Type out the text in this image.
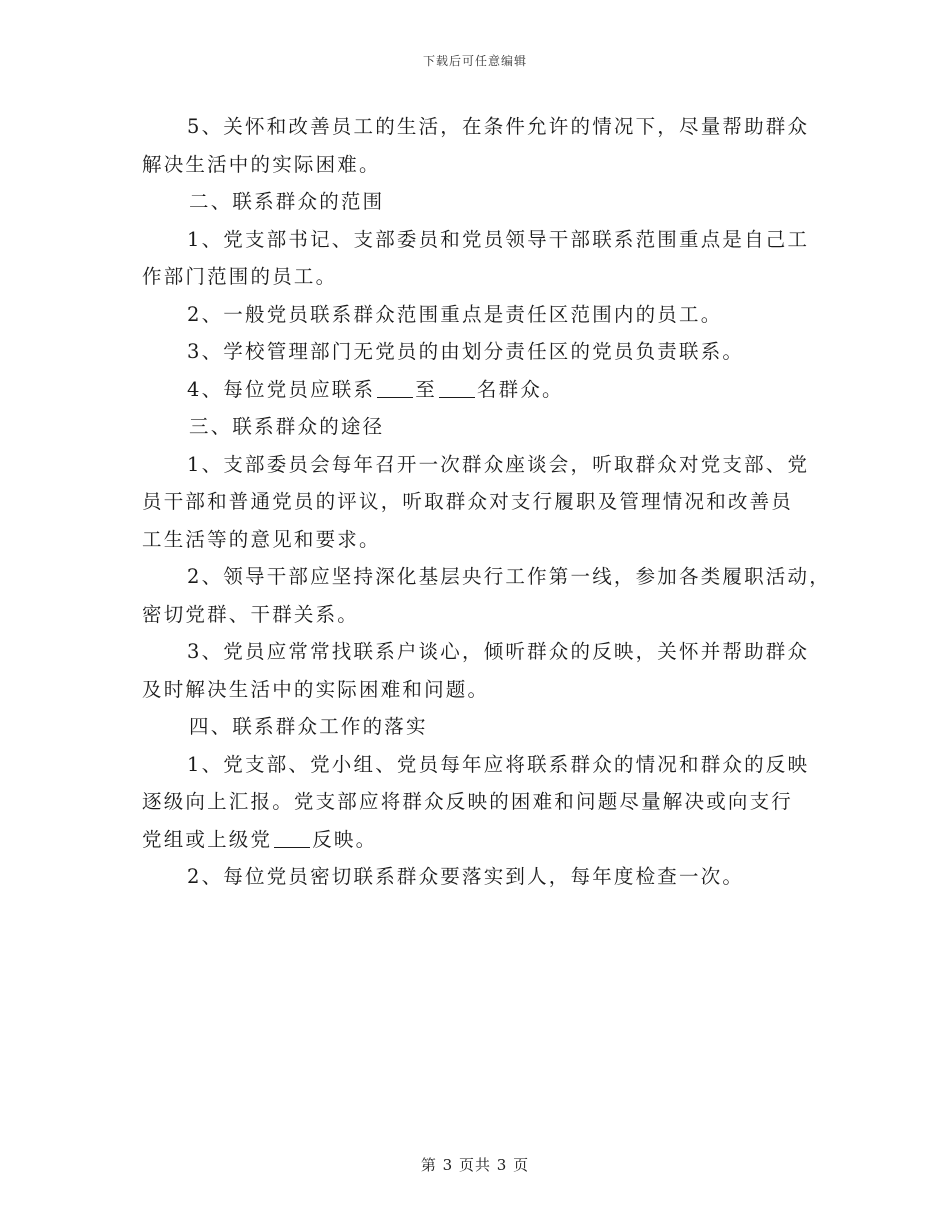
下载后可任意编辑
5、关怀和改善员工的生活，在条件允许的情况下，尽量帮助群众
解决生活中的实际困难。
二、联系群众的范围
1、党支部书记、支部委员和党员领导干部联系范围重点是自己工
作部门范围的员工。
2、一般党员联系群众范围重点是责任区范围内的员工。
3、学校管理部门无党员的由划分责任区的党员负责联系。
4、每位党员应联系 至 名群众。
三、联系群众的途径
1、支部委员会每年召开一次群众座谈会，听取群众对党支部、党
员干部和普通党员的评议，听取群众对支行履职及管理情况和改善员
工生活等的意见和要求。
2、领导干部应坚持深化基层央行工作第一线，参加各类履职活动，
密切党群、干群关系。
3、党员应常常找联系户谈心，倾听群众的反映，关怀并帮助群众
及时解决生活中的实际困难和问题。
四、联系群众工作的落实
1、党支部、党小组、党员每年应将联系群众的情况和群众的反映
逐级向上汇报。党支部应将群众反映的困难和问题尽量解决或向支行
党组或上级党 反映。
2、每位党员密切联系群众要落实到人，每年度检查一次。
第 3 页共 3 页
